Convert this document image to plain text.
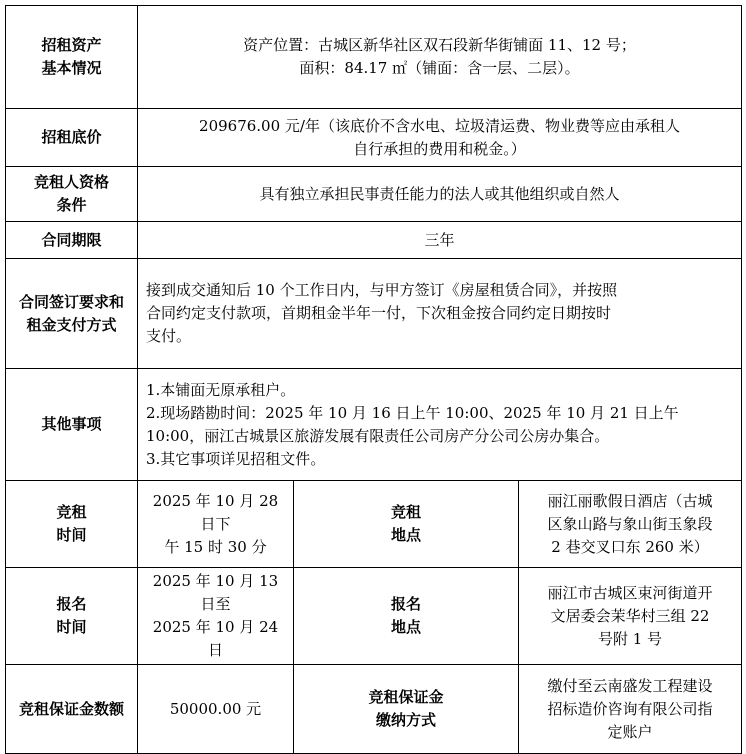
招租资产
基本情况	资产位置：古城区新华社区双石段新华街铺面 11、12 号；
面积：84.17 ㎡（铺面：含一层、二层）。		

招租底价	209676.00 元/年（该底价不含水电、垃圾清运费、物业费等应由承租人
自行承担的费用和税金。）		

竞租人资格
条件	具有独立承担民事责任能力的法人或其他组织或自然人		
合同期限	三年		

合同签订要求和
租金支付方式	接到成交通知后 10 个工作日内，与甲方签订《房屋租赁合同》，并按照
合同约定支付款项，首期租金半年一付，下次租金按合同约定日期按时
支付。		

其他事项	1.本铺面无原承租户。
2.现场踏勘时间：2025 年 10 月 16 日上午 10:00、2025 年 10 月 21 日上午
10:00，丽江古城景区旅游发展有限责任公司房产分公司公房办集合。
3.其它事项详见招租文件。		

竞租
时间	2025 年 10 月 28 日下
午 15 时 30 分	竞租
地点	丽江丽歌假日酒店（古城
区象山路与象山街玉象段
2 巷交叉口东 260 米）

报名
时间	2025 年 10 月 13 日至
2025 年 10 月 24 日	报名
地点	丽江市古城区束河街道开
文居委会茉华村三组 22
号附 1 号

竞租保证金数额	50000.00 元	竞租保证金
缴纳方式	缴付至云南盛发工程建设
招标造价咨询有限公司指
定账户
